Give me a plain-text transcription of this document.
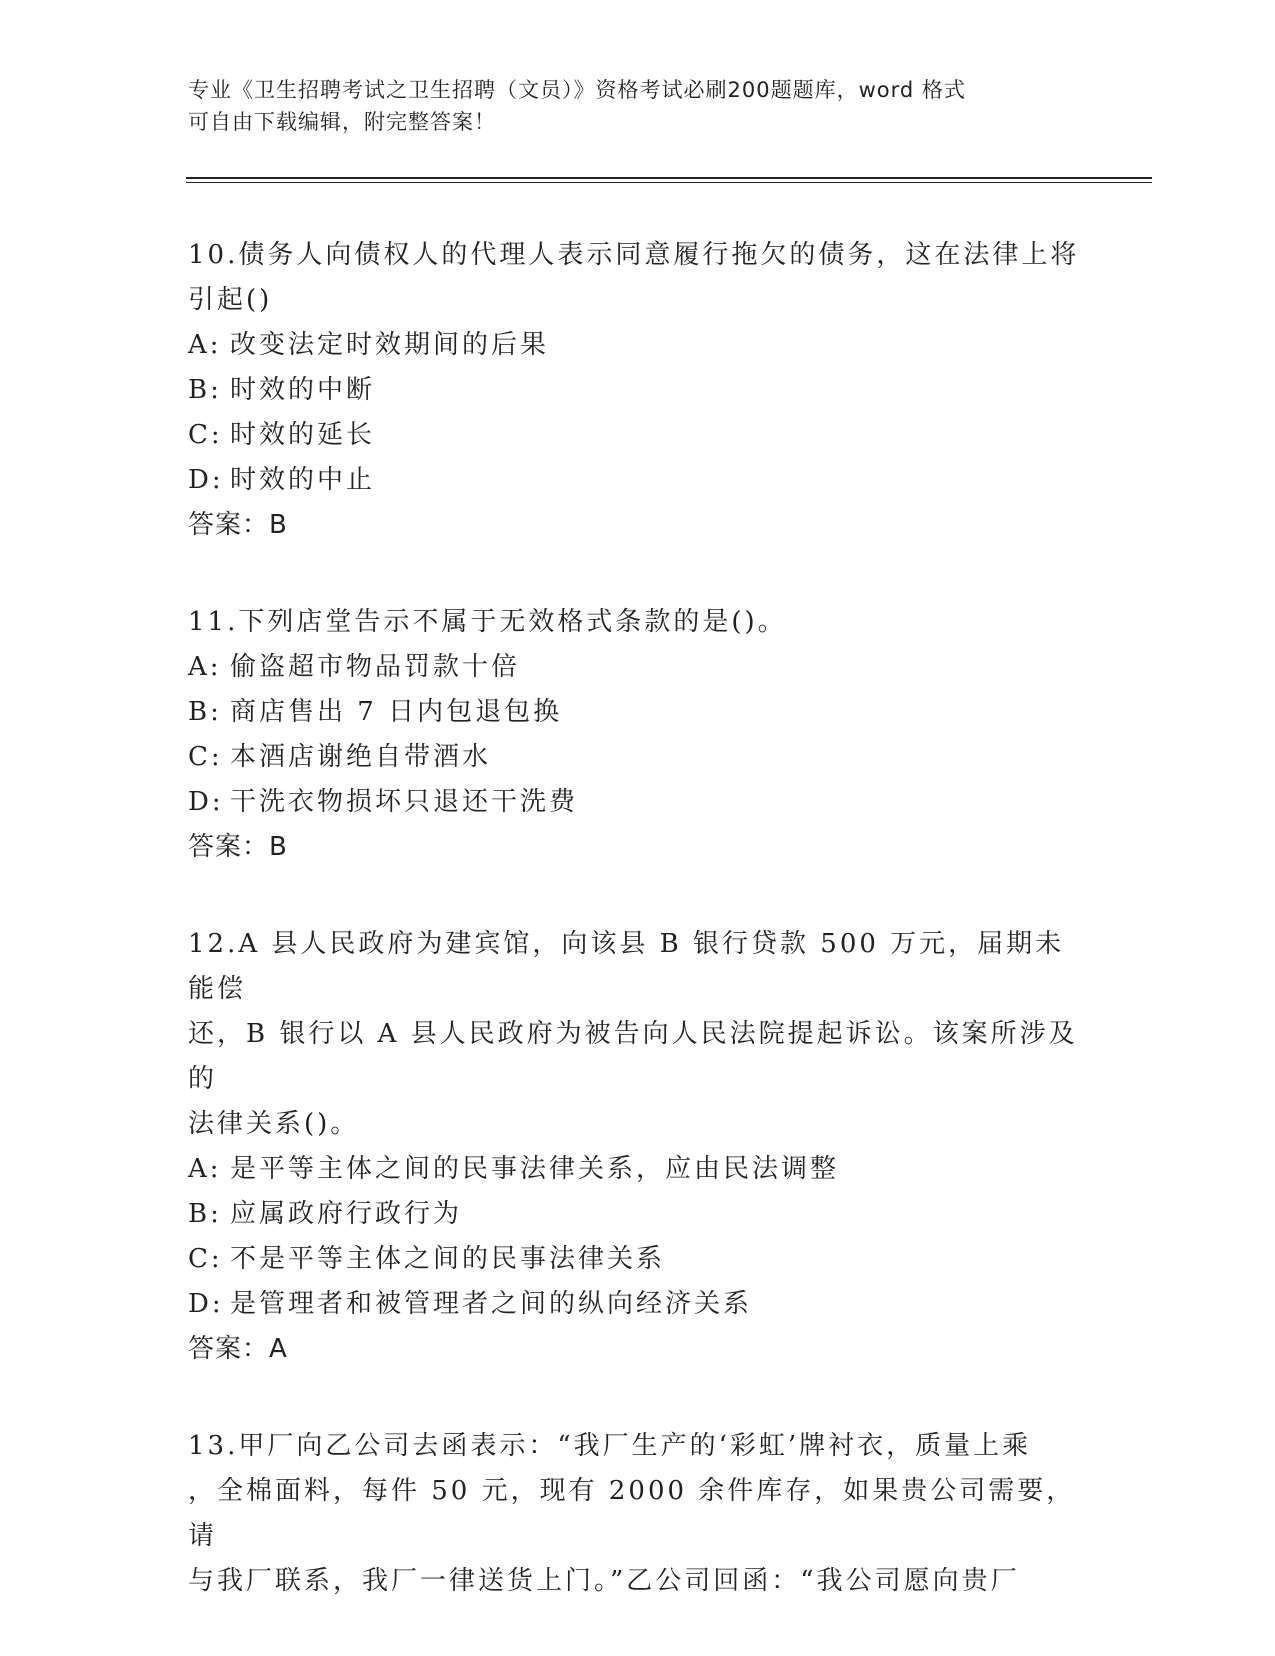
专业《卫生招聘考试之卫生招聘（文员）》资格考试必刷200题题库，word 格式
可自由下载编辑，附完整答案！
10.债务人向债权人的代理人表示同意履行拖欠的债务，这在法律上将
引起()
A: 改变法定时效期间的后果
B: 时效的中断
C: 时效的延长
D: 时效的中止
答案：B
11.下列店堂告示不属于无效格式条款的是()。
A: 偷盗超市物品罚款十倍
B: 商店售出 7 日内包退包换
C: 本酒店谢绝自带酒水
D: 干洗衣物损坏只退还干洗费
答案：B
12.A 县人民政府为建宾馆，向该县 B 银行贷款 500 万元，届期未能偿
还，B 银行以 A 县人民政府为被告向人民法院提起诉讼。该案所涉及的
法律关系()。
A: 是平等主体之间的民事法律关系，应由民法调整
B: 应属政府行政行为
C: 不是平等主体之间的民事法律关系
D: 是管理者和被管理者之间的纵向经济关系
答案：A
13.甲厂向乙公司去函表示：“我厂生产的‘彩虹’牌衬衣，质量上乘
，全棉面料，每件 50 元，现有 2000 余件库存，如果贵公司需要，请
与我厂联系，我厂一律送货上门。”乙公司回函：“我公司愿向贵厂
